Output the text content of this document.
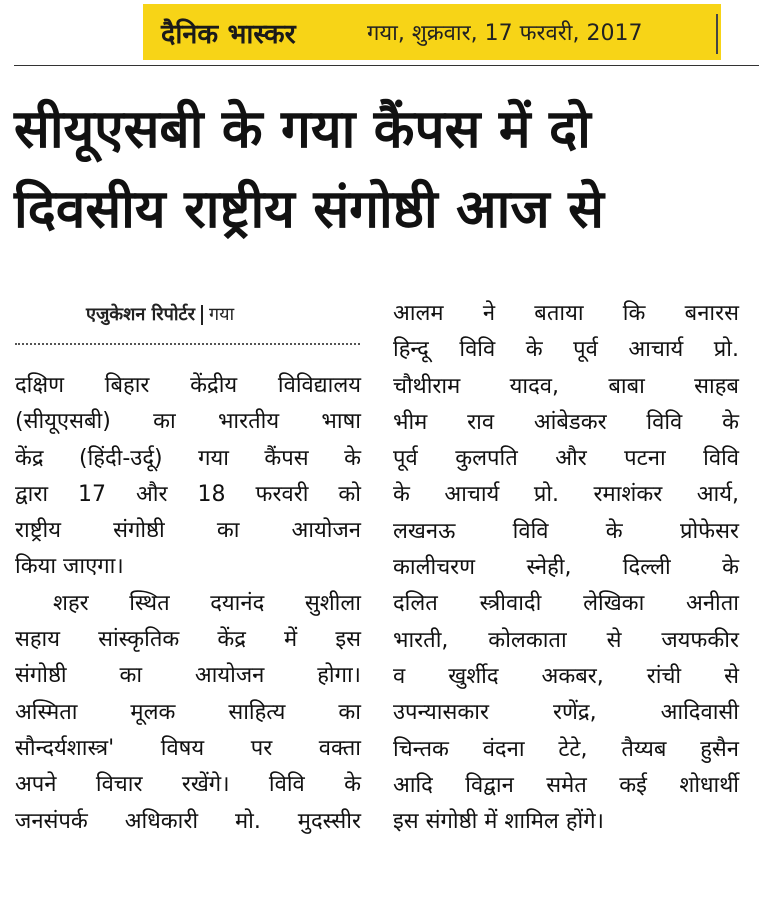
दैनिक भास्कर	गया, शुक्रवार, 17 फरवरी, 2017
सीयूएसबी के गया कैंपस में दो
दिवसीय राष्ट्रीय संगोष्ठी आज से
एजुकेशन रिपोर्टर गया
दक्षिण बिहार केंद्रीय विविद्यालय
(सीयूएसबी) का भारतीय भाषा
केंद्र (हिंदी-उर्दू) गया कैंपस के
द्वारा 17 और 18 फरवरी को
राष्ट्रीय संगोष्ठी का आयोजन
किया जाएगा।
शहर स्थित दयानंद सुशीला
सहाय सांस्कृतिक केंद्र में इस
संगोष्ठी का आयोजन होगा।
अस्मिता मूलक साहित्य का
सौन्दर्यशास्त्र' विषय पर वक्ता
अपने विचार रखेंगे। विवि के
जनसंपर्क अधिकारी मो. मुदस्सीर
आलम ने बताया कि बनारस
हिन्दू विवि के पूर्व आचार्य प्रो.
चौथीराम यादव, बाबा साहब
भीम राव आंबेडकर विवि के
पूर्व कुलपति और पटना विवि
के आचार्य प्रो. रमाशंकर आर्य,
लखनऊ विवि के प्रोफेसर
कालीचरण स्नेही, दिल्ली के
दलित स्त्रीवादी लेखिका अनीता
भारती, कोलकाता से जयफकीर
व खुर्शीद अकबर, रांची से
उपन्यासकार रणेंद्र, आदिवासी
चिन्तक वंदना टेटे, तैय्यब हुसैन
आदि विद्वान समेत कई शोधार्थी
इस संगोष्ठी में शामिल होंगे।
